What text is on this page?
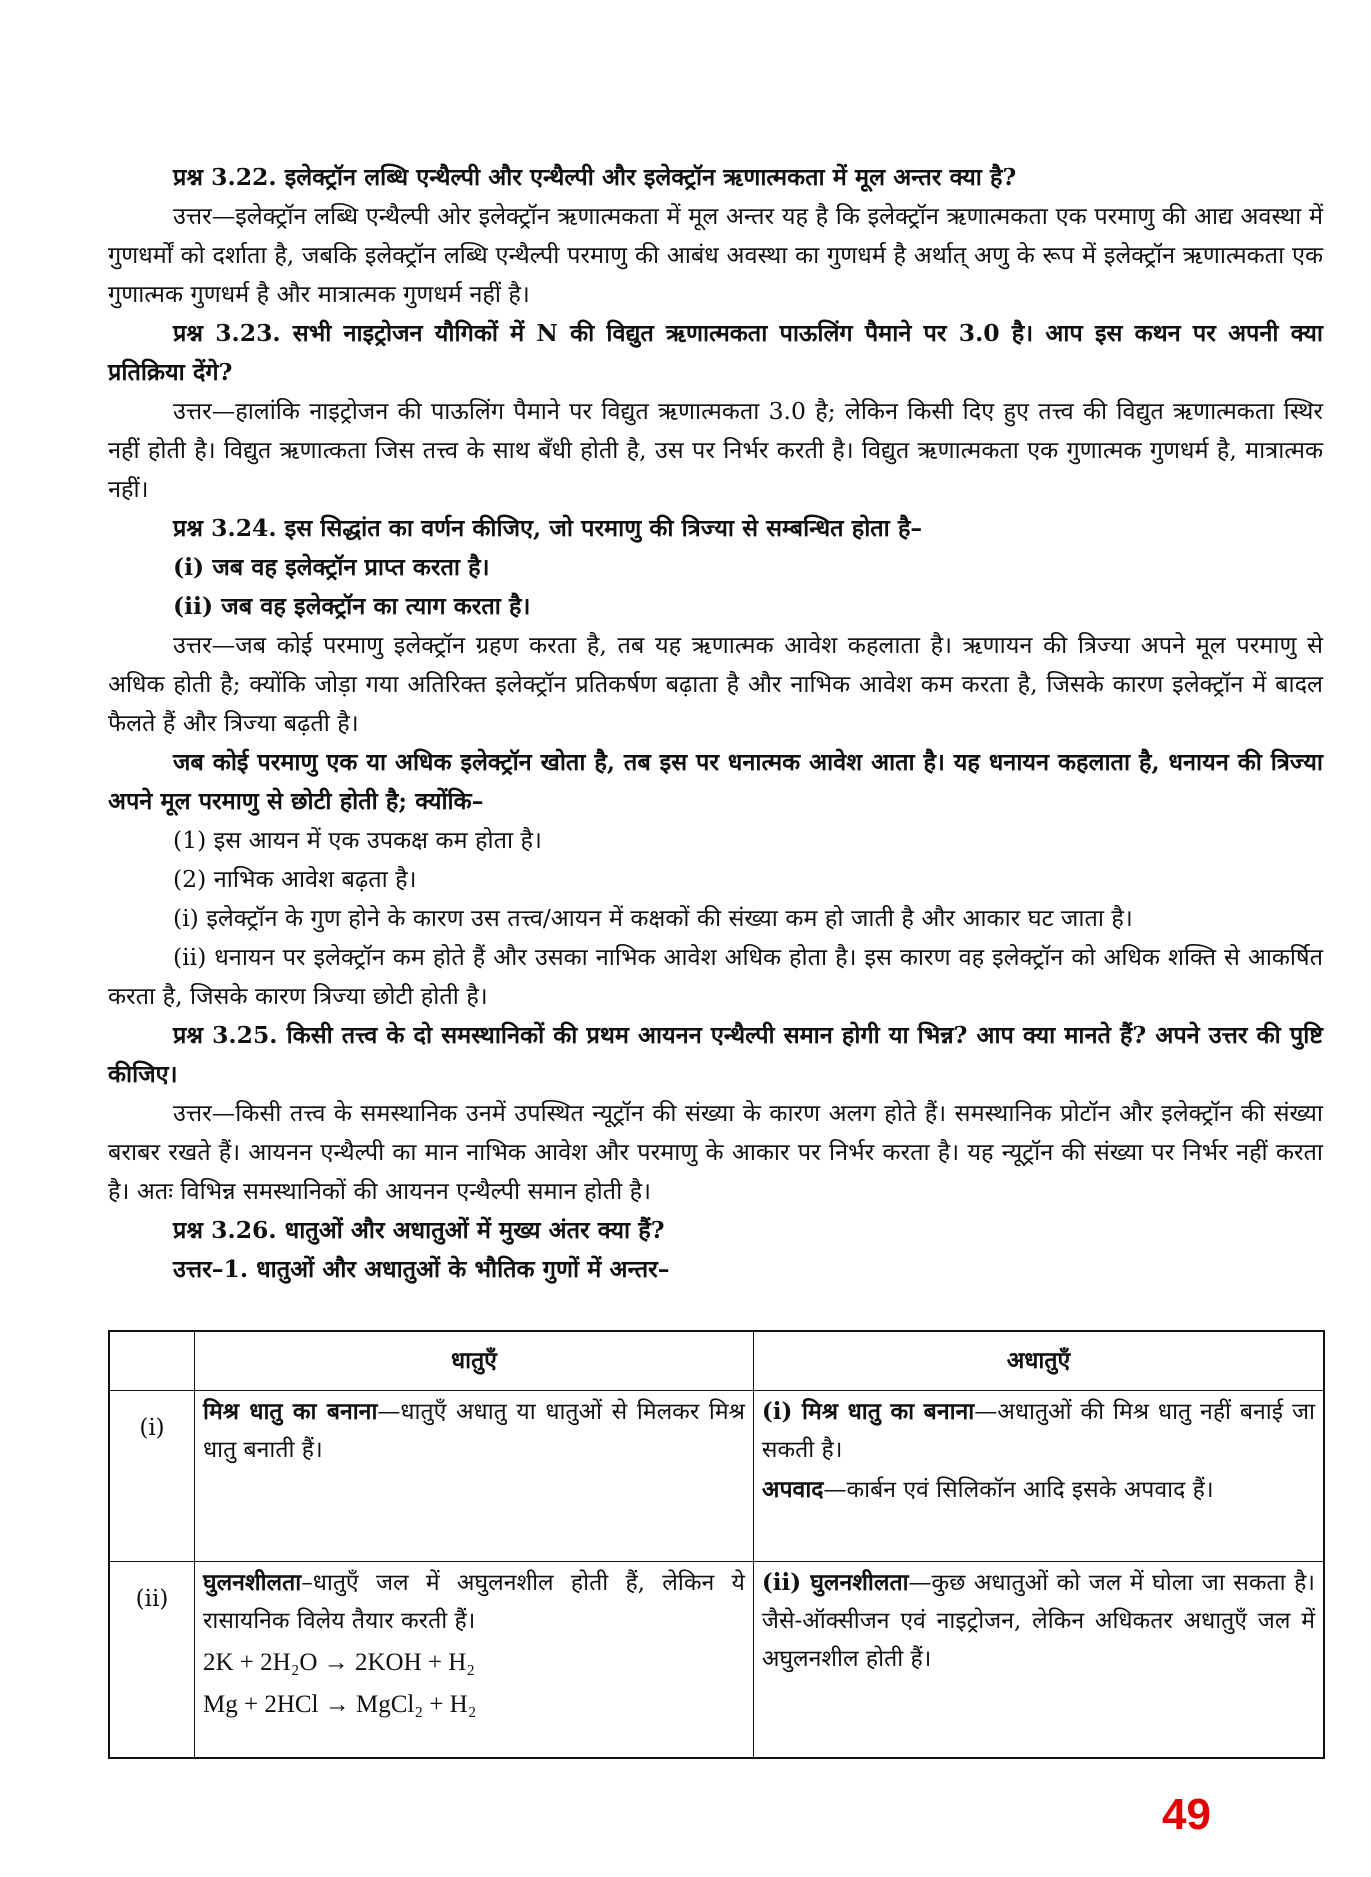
प्रश्न 3.22. इलेक्ट्रॉन लब्धि एन्थैल्पी और एन्थैल्पी और इलेक्ट्रॉन ऋणात्मकता में मूल अन्तर क्या है?

उत्तर—इलेक्ट्रॉन लब्धि एन्थैल्पी ओर इलेक्ट्रॉन ऋणात्मकता में मूल अन्तर यह है कि इलेक्ट्रॉन ऋणात्मकता एक परमाणु की आद्य अवस्था में गुणधर्मों को दर्शाता है, जबकि इलेक्ट्रॉन लब्धि एन्थैल्पी परमाणु की आबंध अवस्था का गुणधर्म है अर्थात् अणु के रूप में इलेक्ट्रॉन ऋणात्मकता एक गुणात्मक गुणधर्म है और मात्रात्मक गुणधर्म नहीं है।

प्रश्न 3.23. सभी नाइट्रोजन यौगिकों में N की विद्युत ऋणात्मकता पाऊलिंग पैमाने पर 3.0 है। आप इस कथन पर अपनी क्या प्रतिक्रिया देंगे?

उत्तर—हालांकि नाइट्रोजन की पाऊलिंग पैमाने पर विद्युत ऋणात्मकता 3.0 है; लेकिन किसी दिए हुए तत्त्व की विद्युत ऋणात्मकता स्थिर नहीं होती है। विद्युत ऋणात्कता जिस तत्त्व के साथ बँधी होती है, उस पर निर्भर करती है। विद्युत ऋणात्मकता एक गुणात्मक गुणधर्म है, मात्रात्मक नहीं।

प्रश्न 3.24. इस सिद्धांत का वर्णन कीजिए, जो परमाणु की त्रिज्या से सम्बन्धित होता है–

(i) जब वह इलेक्ट्रॉन प्राप्त करता है।

(ii) जब वह इलेक्ट्रॉन का त्याग करता है।

उत्तर—जब कोई परमाणु इलेक्ट्रॉन ग्रहण करता है, तब यह ऋणात्मक आवेश कहलाता है। ऋणायन की त्रिज्या अपने मूल परमाणु से अधिक होती है; क्योंकि जोड़ा गया अतिरिक्त इलेक्ट्रॉन प्रतिकर्षण बढ़ाता है और नाभिक आवेश कम करता है, जिसके कारण इलेक्ट्रॉन में बादल फैलते हैं और त्रिज्या बढ़ती है।

जब कोई परमाणु एक या अधिक इलेक्ट्रॉन खोता है, तब इस पर धनात्मक आवेश आता है। यह धनायन कहलाता है, धनायन की त्रिज्या अपने मूल परमाणु से छोटी होती है; क्योंकि–

(1) इस आयन में एक उपकक्ष कम होता है।

(2) नाभिक आवेश बढ़ता है।

(i) इलेक्ट्रॉन के गुण होने के कारण उस तत्त्व/आयन में कक्षकों की संख्या कम हो जाती है और आकार घट जाता है।

(ii) धनायन पर इलेक्ट्रॉन कम होते हैं और उसका नाभिक आवेश अधिक होता है। इस कारण वह इलेक्ट्रॉन को अधिक शक्ति से आकर्षित करता है, जिसके कारण त्रिज्या छोटी होती है।

प्रश्न 3.25. किसी तत्त्व के दो समस्थानिकों की प्रथम आयनन एन्थैल्पी समान होगी या भिन्न? आप क्या मानते हैं? अपने उत्तर की पुष्टि कीजिए।

उत्तर—किसी तत्त्व के समस्थानिक उनमें उपस्थित न्यूट्रॉन की संख्या के कारण अलग होते हैं। समस्थानिक प्रोटॉन और इलेक्ट्रॉन की संख्या बराबर रखते हैं। आयनन एन्थैल्पी का मान नाभिक आवेश और परमाणु के आकार पर निर्भर करता है। यह न्यूट्रॉन की संख्या पर निर्भर नहीं करता है। अतः विभिन्न समस्थानिकों की आयनन एन्थैल्पी समान होती है।

प्रश्न 3.26. धातुओं और अधातुओं में मुख्य अंतर क्या हैं?

उत्तर–1. धातुओं और अधातुओं के भौतिक गुणों में अन्तर–

	धातुएँ	अधातुएँ
(i)	मिश्र धातु का बनाना—धातुएँ अधातु या धातुओं से मिलकर मिश्र धातु बनाती हैं।	(i) मिश्र धातु का बनाना—अधातुओं की मिश्र धातु नहीं बनाई जा सकती है।
अपवाद—कार्बन एवं सिलिकॉन आदि इसके अपवाद हैं।

(ii)	घुलनशीलता–धातुएँ जल में अघुलनशील होती हैं, लेकिन ये रासायनिक विलेय तैयार करती हैं।
2K + 2H₂O → 2KOH + H₂
Mg + 2HCl → MgCl₂ + H₂	(ii) घुलनशीलता—कुछ अधातुओं को जल में घोला जा सकता है। जैसे-ऑक्सीजन एवं नाइट्रोजन, लेकिन अधिकतर अधातुएँ जल में अघुलनशील होती हैं।
49
